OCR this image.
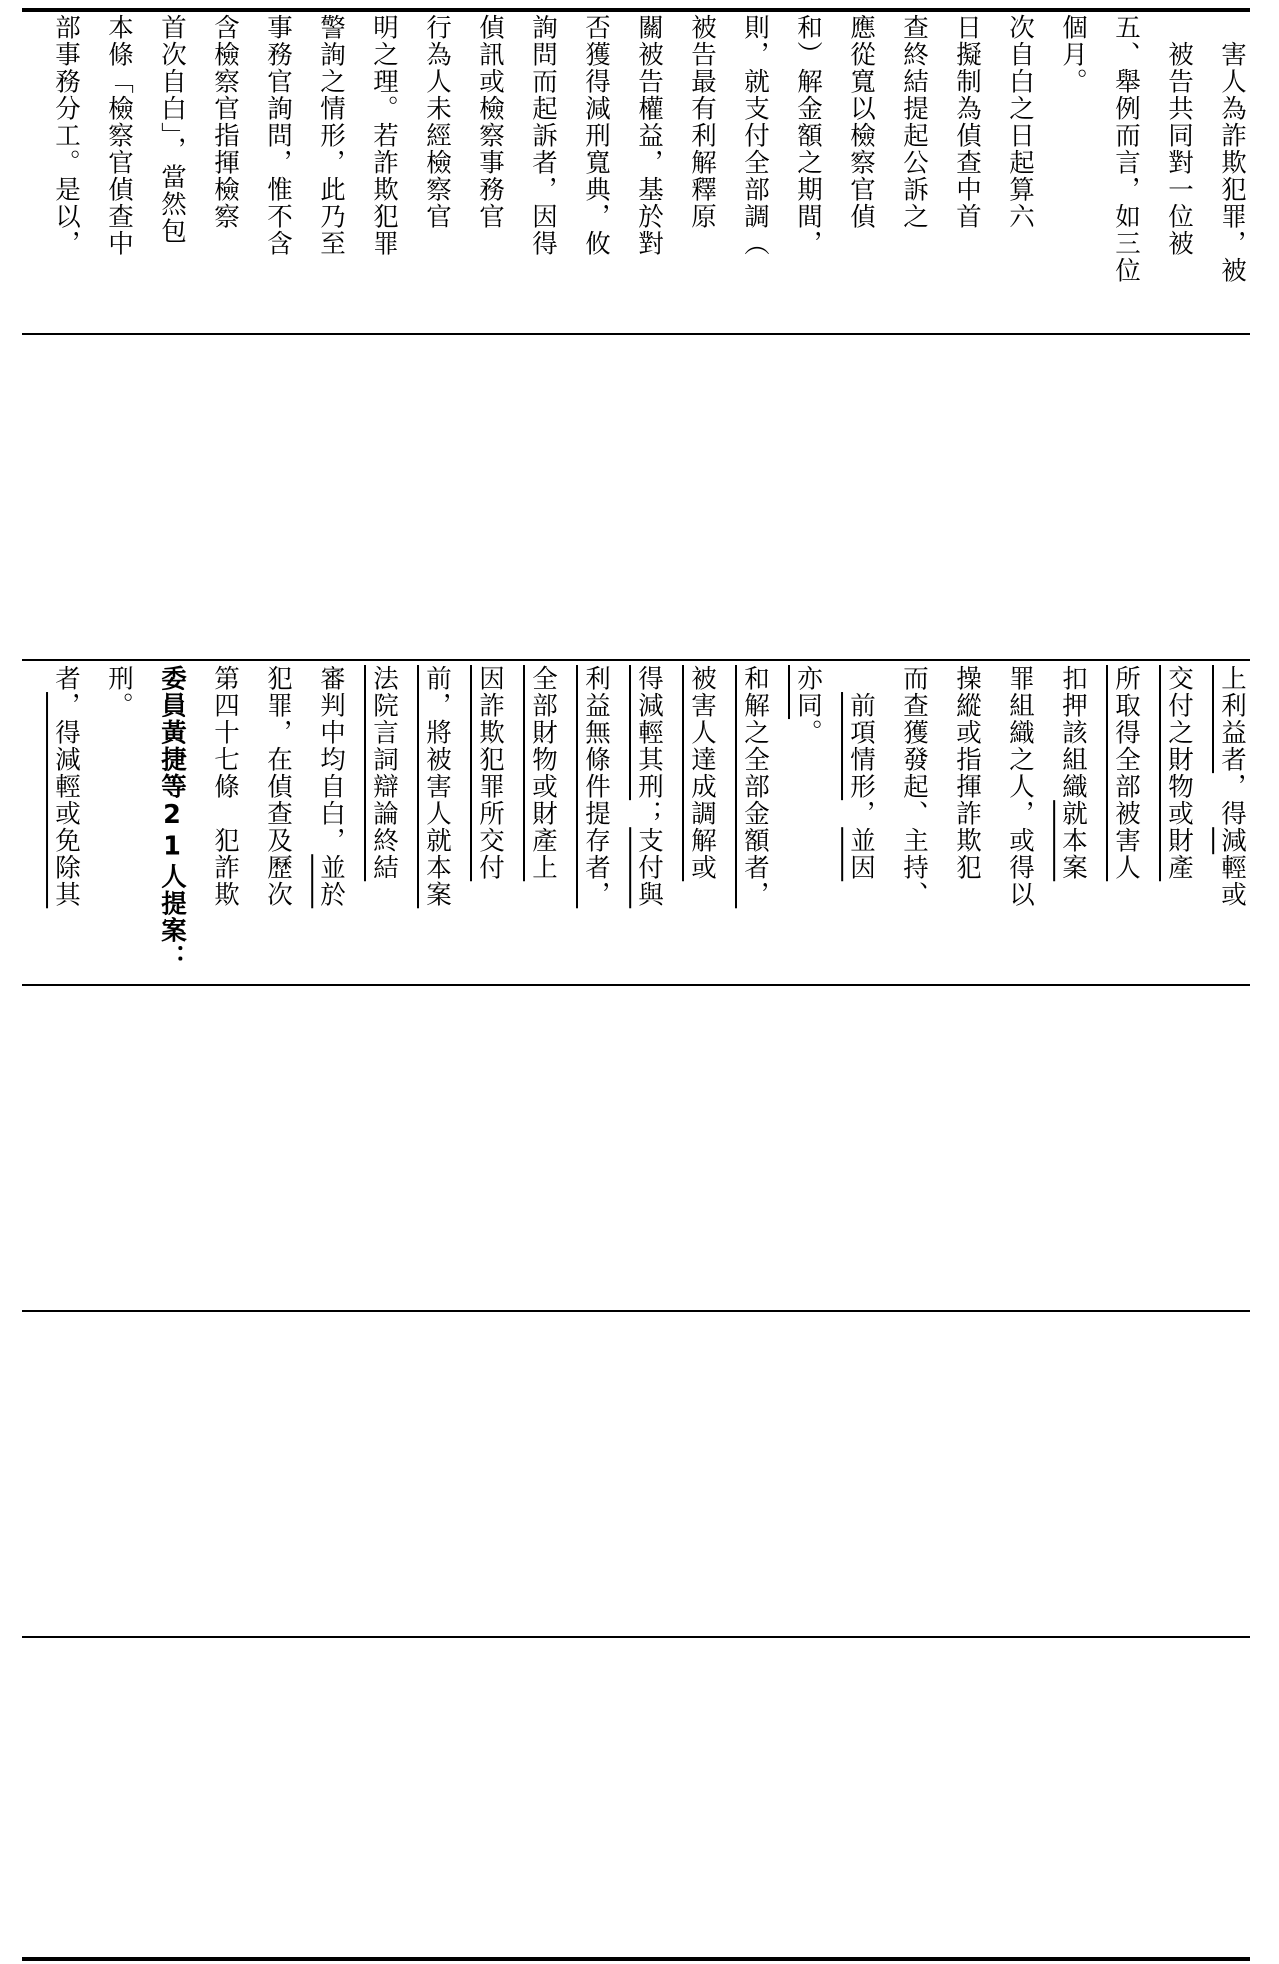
部事務分工。是以， 本條「檢察官偵查中 首次自白」，當然包 含檢察官指揮檢察 事務官詢問，惟不含 警詢之情形，此乃至 明之理。若詐欺犯罪 行為人未經檢察官 偵訊或檢察事務官 詢問而起訴者，因得 否獲得減刑寬典，攸 關被告權益，基於對 被告最有利解釋原 則，就支付全部調（ 和）解金額之期間， 應從寬以檢察官偵 查終結提起公訴之 日擬制為偵查中首 次自白之日起算六 個月。 五、舉例而言，如三位 　被告共同對一位被 　害人為詐欺犯罪，被
者，得減輕或免除其 刑。 委員黃捷等21人提案： 第四十七條　犯詐欺 犯罪，在偵查及歷次 審判中均自白，並於 法院言詞辯論終結 前，將被害人就本案 因詐欺犯罪所交付 全部財物或財產上 利益無條件提存者， 得減輕其刑；支付與 被害人達成調解或 和解之全部金額者， 亦同。
　 前項情形，並因 而查獲發起、主持、 操縱或指揮詐欺犯 罪組織之人，或得以 扣押該組織就本案 所取得全部被害人 交付之財物或財產 上利益者，得減輕或
